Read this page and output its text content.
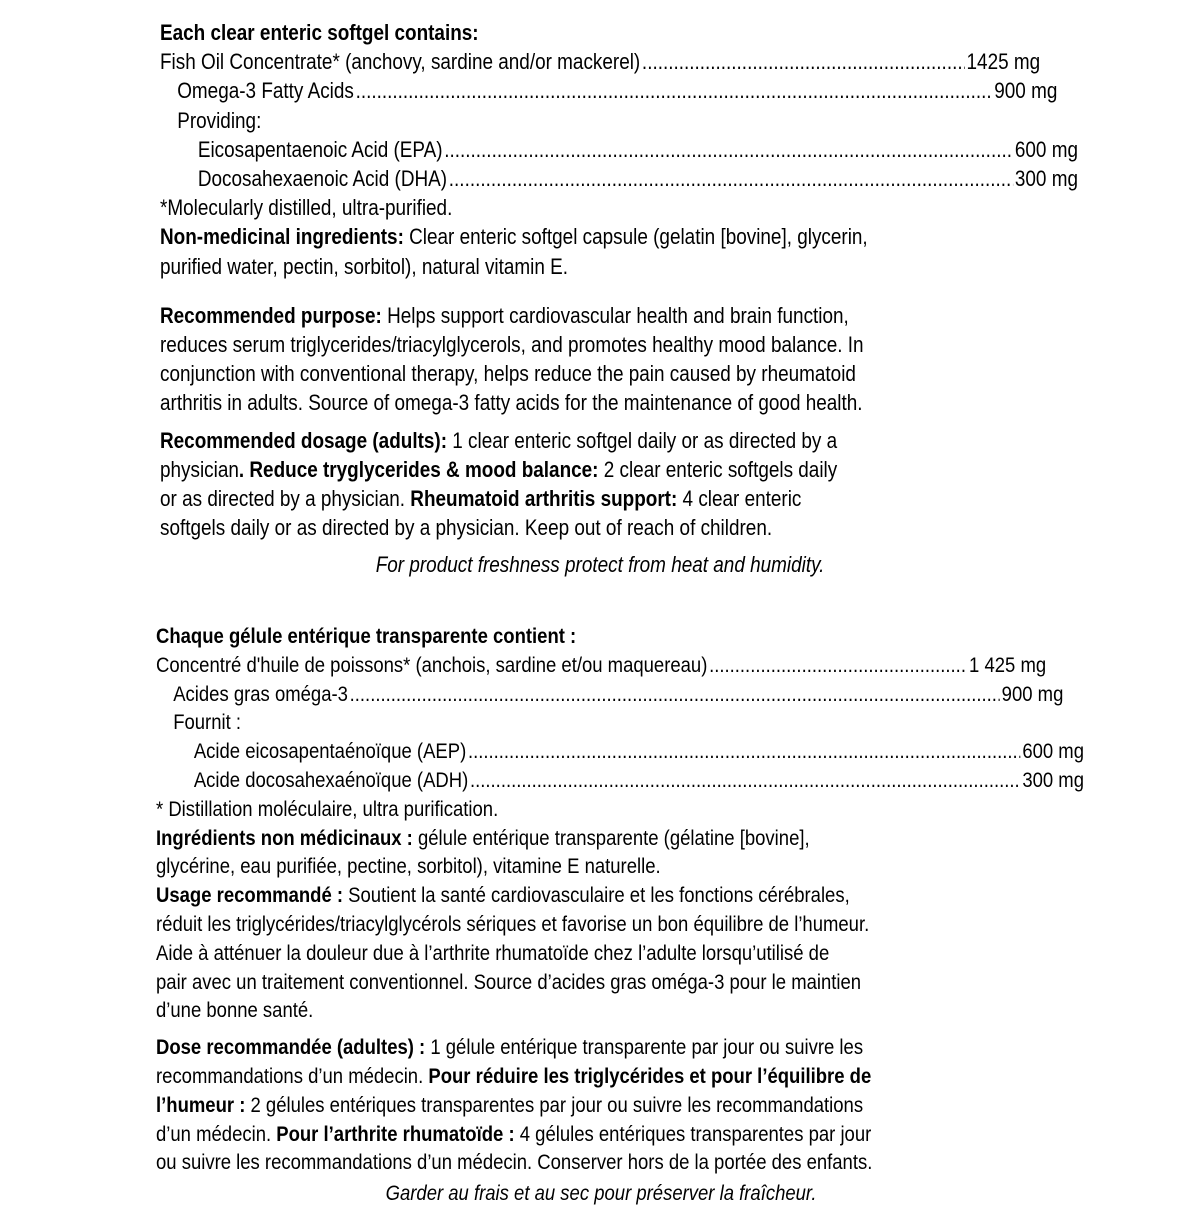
Each clear enteric softgel contains:
Fish Oil Concentrate* (anchovy, sardine and/or mackerel) .....	1425 mg
Omega-3 Fatty Acids .....	900 mg
Providing:
Eicosapentaenoic Acid (EPA) .....	600 mg
Docosahexaenoic Acid (DHA) .....	300 mg
*Molecularly distilled, ultra-purified.
Non-medicinal ingredients: Clear enteric softgel capsule (gelatin [bovine], glycerin,
purified water, pectin, sorbitol), natural vitamin E.
Recommended purpose: Helps support cardiovascular health and brain function,
reduces serum triglycerides/triacylglycerols, and promotes healthy mood balance. In
conjunction with conventional therapy, helps reduce the pain caused by rheumatoid
arthritis in adults. Source of omega-3 fatty acids for the maintenance of good health.
Recommended dosage (adults): 1 clear enteric softgel daily or as directed by a
physician. Reduce tryglycerides & mood balance: 2 clear enteric softgels daily
or as directed by a physician. Rheumatoid arthritis support: 4 clear enteric
softgels daily or as directed by a physician. Keep out of reach of children.
For product freshness protect from heat and humidity.
Chaque gélule entérique transparente contient :
Concentré d'huile de poissons* (anchois, sardine et/ou maquereau) .....	1 425 mg
Acides gras oméga-3 .....	900 mg
Fournit :
Acide eicosapentaénoïque (AEP) .....	600 mg
Acide docosahexaénoïque (ADH) .....	300 mg
* Distillation moléculaire, ultra purification.
Ingrédients non médicinaux : gélule entérique transparente (gélatine [bovine],
glycérine, eau purifiée, pectine, sorbitol), vitamine E naturelle.
Usage recommandé : Soutient la santé cardiovasculaire et les fonctions cérébrales,
réduit les triglycérides/triacylglycérols sériques et favorise un bon équilibre de l’humeur.
Aide à atténuer la douleur due à l’arthrite rhumatoïde chez l’adulte lorsqu’utilisé de
pair avec un traitement conventionnel. Source d’acides gras oméga-3 pour le maintien
d’une bonne santé.
Dose recommandée (adultes) : 1 gélule entérique transparente par jour ou suivre les
recommandations d’un médecin. Pour réduire les triglycérides et pour l’équilibre de
l’humeur : 2 gélules entériques transparentes par jour ou suivre les recommandations
d’un médecin. Pour l’arthrite rhumatoïde : 4 gélules entériques transparentes par jour
ou suivre les recommandations d’un médecin. Conserver hors de la portée des enfants.
Garder au frais et au sec pour préserver la fraîcheur.
